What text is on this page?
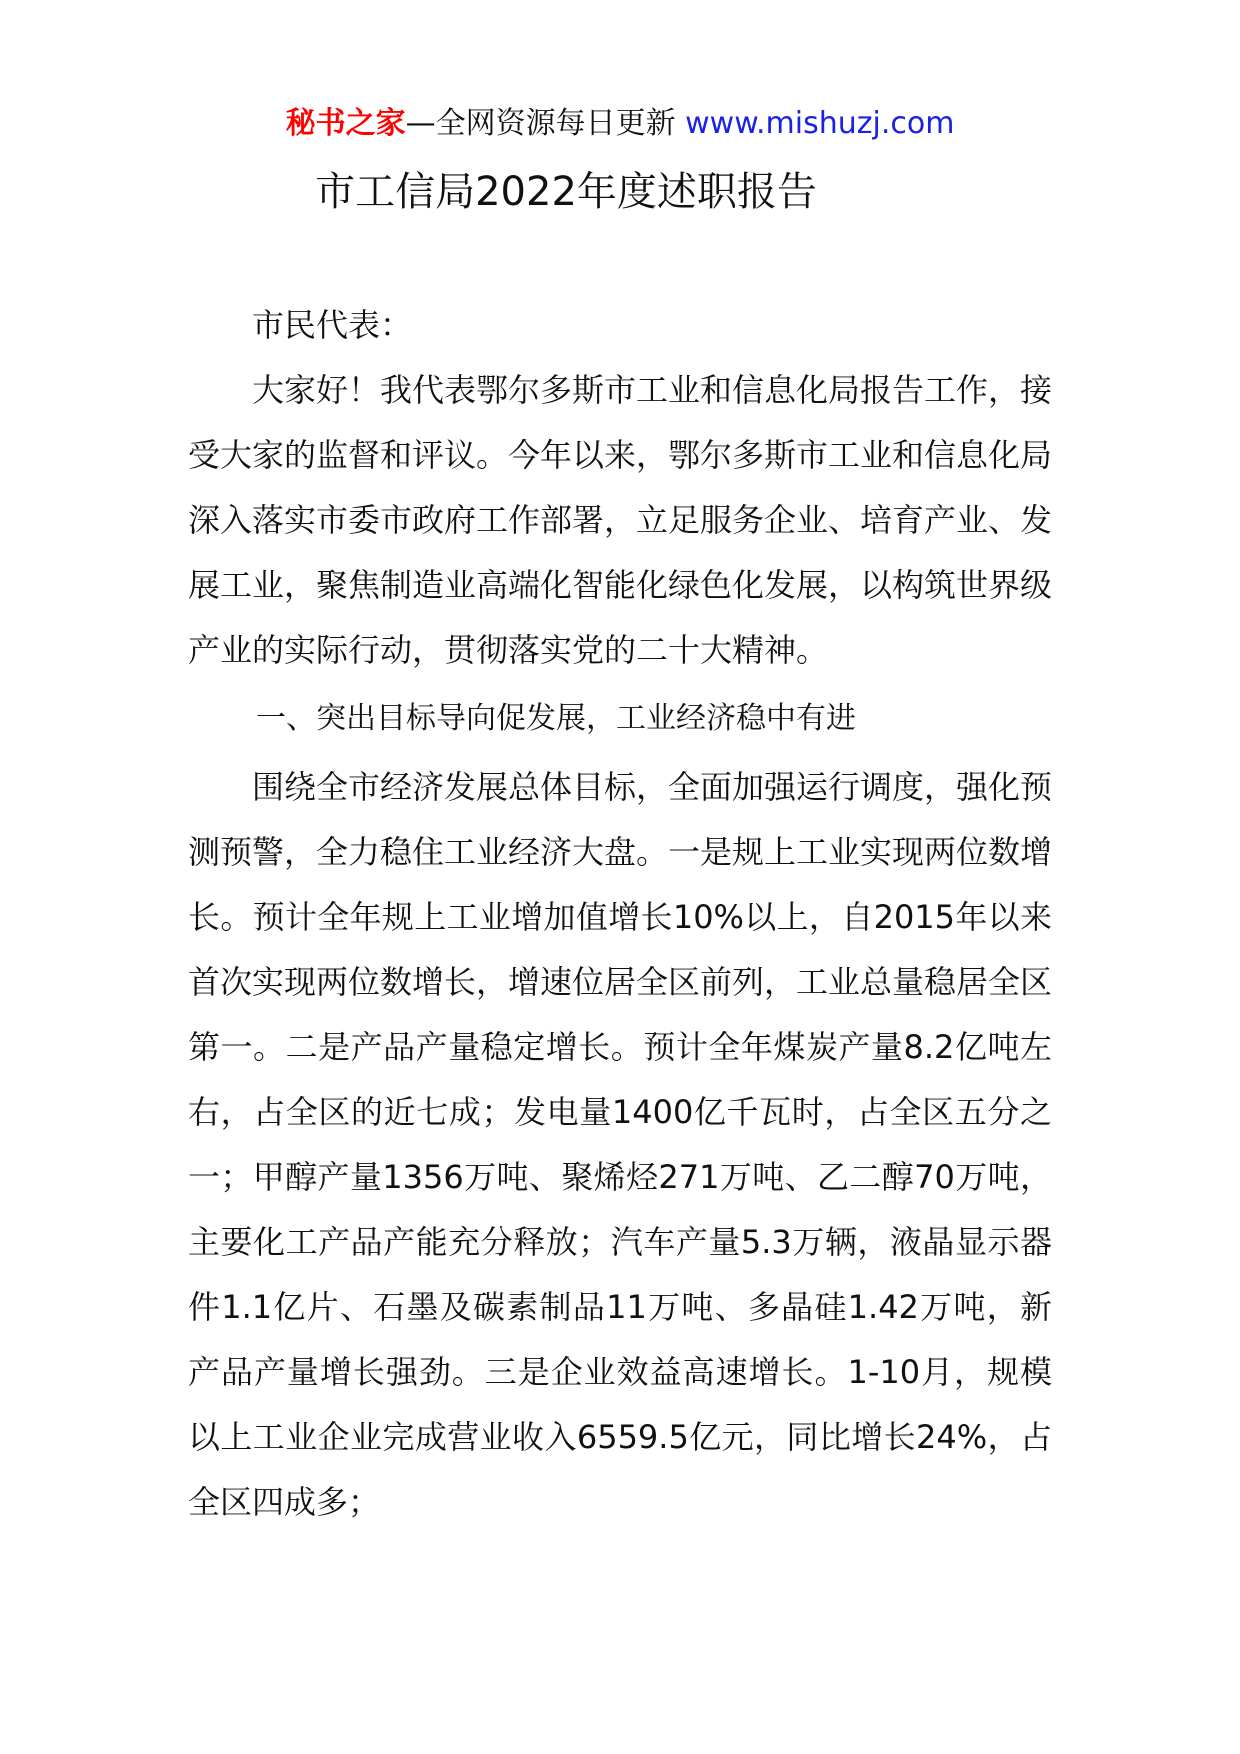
秘书之家—全网资源每日更新 www.mishuzj.com
市工信局2022年度述职报告

市民代表：

大家好！我代表鄂尔多斯市工业和信息化局报告工作，接受大家的监督和评议。今年以来，鄂尔多斯市工业和信息化局深入落实市委市政府工作部署，立足服务企业、培育产业、发展工业，聚焦制造业高端化智能化绿色化发展，以构筑世界级产业的实际行动，贯彻落实党的二十大精神。

一、突出目标导向促发展，工业经济稳中有进

围绕全市经济发展总体目标，全面加强运行调度，强化预测预警，全力稳住工业经济大盘。一是规上工业实现两位数增长。预计全年规上工业增加值增长10%以上，自2015年以来首次实现两位数增长，增速位居全区前列，工业总量稳居全区第一。二是产品产量稳定增长。预计全年煤炭产量8.2亿吨左右，占全区的近七成；发电量1400亿千瓦时，占全区五分之一；甲醇产量1356万吨、聚烯烃271万吨、乙二醇70万吨，主要化工产品产能充分释放；汽车产量5.3万辆，液晶显示器件1.1亿片、石墨及碳素制品11万吨、多晶硅1.42万吨，新产品产量增长强劲。三是企业效益高速增长。1-10月，规模以上工业企业完成营业收入6559.5亿元，同比增长24%，占全区四成多；
